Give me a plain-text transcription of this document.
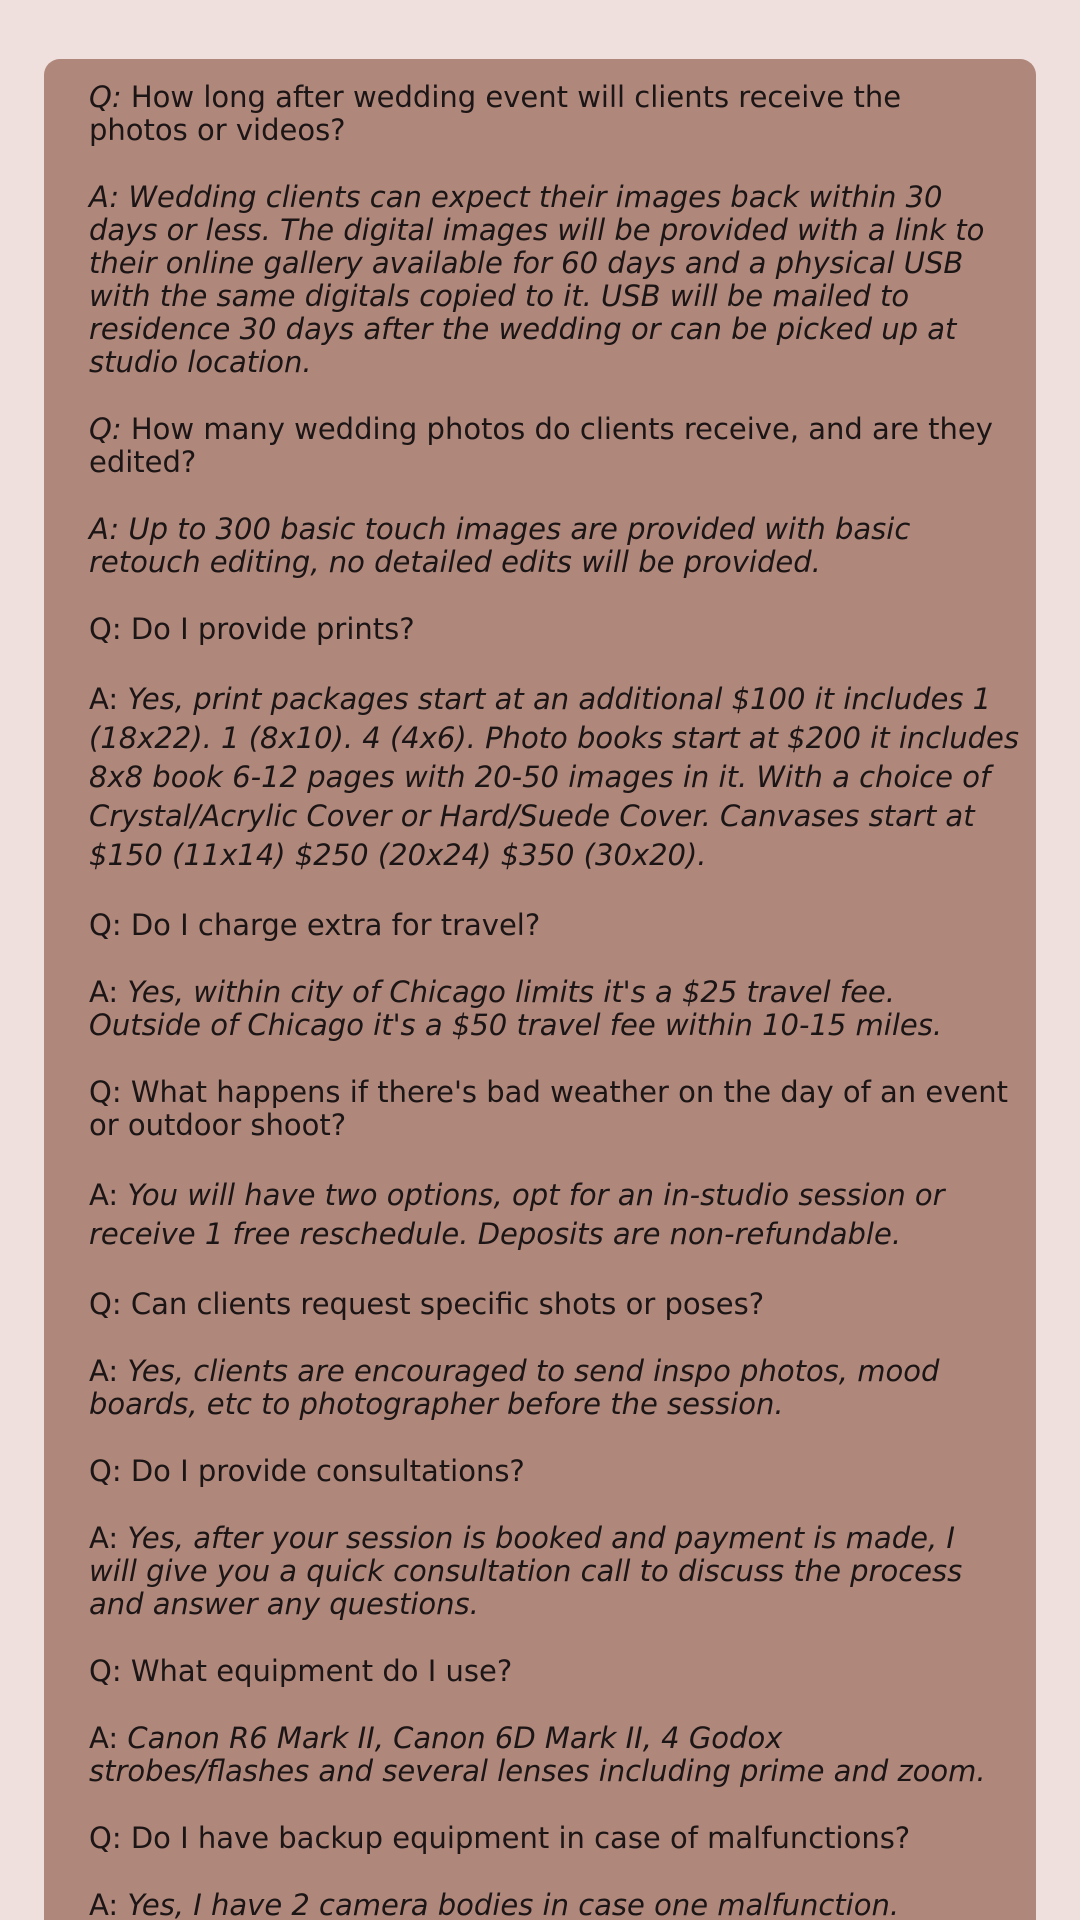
Q: How long after wedding event will clients receive the
photos or videos?

A: Wedding clients can expect their images back within 30
days or less. The digital images will be provided with a link to
their online gallery available for 60 days and a physical USB
with the same digitals copied to it. USB will be mailed to
residence 30 days after the wedding or can be picked up at
studio location.

Q: How many wedding photos do clients receive, and are they
edited?

A: Up to 300 basic touch images are provided with basic
retouch editing, no detailed edits will be provided.

Q: Do I provide prints?

A: Yes, print packages start at an additional $100 it includes 1
(18x22). 1 (8x10). 4 (4x6). Photo books start at $200 it includes
8x8 book 6-12 pages with 20-50 images in it. With a choice of
Crystal/Acrylic Cover or Hard/Suede Cover. Canvases start at
$150 (11x14) $250 (20x24) $350 (30x20).

Q: Do I charge extra for travel?

A: Yes, within city of Chicago limits it's a $25 travel fee.
Outside of Chicago it's a $50 travel fee within 10-15 miles.

Q: What happens if there's bad weather on the day of an event
or outdoor shoot?

A: You will have two options, opt for an in-studio session or
receive 1 free reschedule. Deposits are non-refundable.

Q: Can clients request specific shots or poses?

A: Yes, clients are encouraged to send inspo photos, mood
boards, etc to photographer before the session.

Q: Do I provide consultations?

A: Yes, after your session is booked and payment is made, I
will give you a quick consultation call to discuss the process
and answer any questions.

Q: What equipment do I use?

A: Canon R6 Mark II, Canon 6D Mark II, 4 Godox
strobes/flashes and several lenses including prime and zoom.

Q: Do I have backup equipment in case of malfunctions?

A: Yes, I have 2 camera bodies in case one malfunction.
